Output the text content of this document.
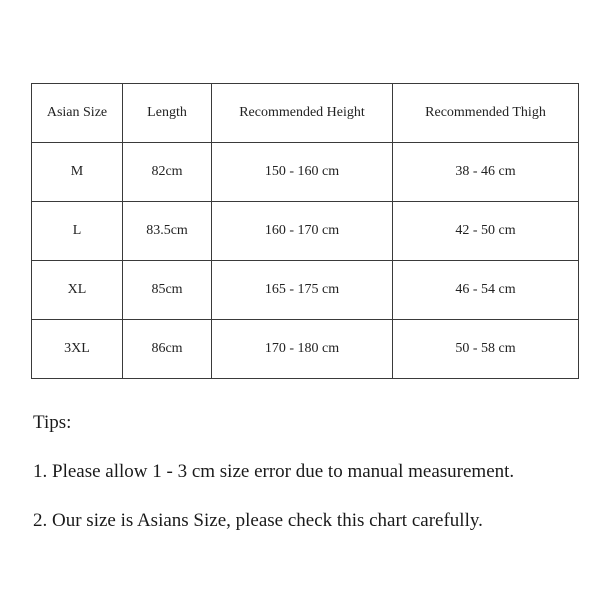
Asian Size	Length	Recommended Height	Recommended Thigh
M	82cm	150 - 160 cm	38 - 46 cm
L	83.5cm	160 - 170 cm	42 - 50 cm
XL	85cm	165 - 175 cm	46 - 54 cm
3XL	86cm	170 - 180 cm	50 - 58 cm
Tips:
1. Please allow 1 - 3 cm size error due to manual measurement.
2. Our size is Asians Size, please check this chart carefully.
